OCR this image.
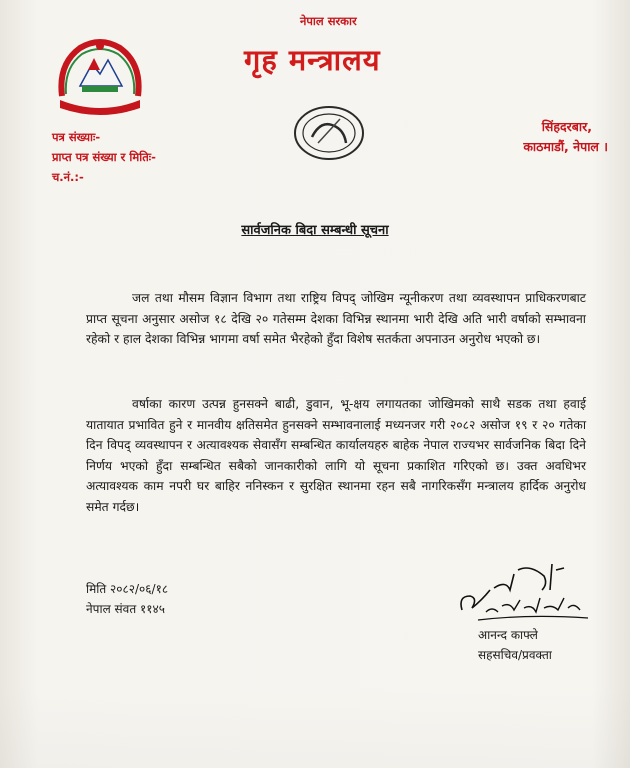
नेपाल सरकार
गृह मन्त्रालय
सिंहदरबार,
काठमाडौं, नेपाल ।
पत्र संख्याः-
प्राप्त पत्र संख्या र मितिः-
च.नं.:-
सार्वजनिक बिदा सम्बन्धी सूचना
जल तथा मौसम विज्ञान विभाग तथा राष्ट्रिय विपद् जोखिम न्यूनीकरण तथा व्यवस्थापन प्राधिकरणबाट प्राप्त सूचना अनुसार असोज १८ देखि २० गतेसम्म देशका विभिन्न स्थानमा भारी देखि अति भारी वर्षाको सम्भावना रहेको र हाल देशका विभिन्न भागमा वर्षा समेत भैरहेको हुँदा विशेष सतर्कता अपनाउन अनुरोध भएको छ।
वर्षाका कारण उत्पन्न हुनसक्ने बाढी, डुवान, भू-क्षय लगायतका जोखिमको साथै सडक तथा हवाई यातायात प्रभावित हुने र मानवीय क्षतिसमेत हुनसक्ने सम्भावनालाई मध्यनजर गरी २०८२ असोज १९ र २० गतेका दिन विपद् व्यवस्थापन र अत्यावश्यक सेवासँग सम्बन्धित कार्यालयहरु बाहेक नेपाल राज्यभर सार्वजनिक बिदा दिने निर्णय भएको हुँदा सम्बन्धित सबैको जानकारीको लागि यो सूचना प्रकाशित गरिएको छ। उक्त अवधिभर अत्यावश्यक काम नपरी घर बाहिर ननिस्कन र सुरक्षित स्थानमा रहन सबै नागरिकसँग मन्त्रालय हार्दिक अनुरोध समेत गर्दछ।
मिति २०८२/०६/१८
नेपाल संवत ११४५
आनन्द काफ्ले
सहसचिव/प्रवक्ता
